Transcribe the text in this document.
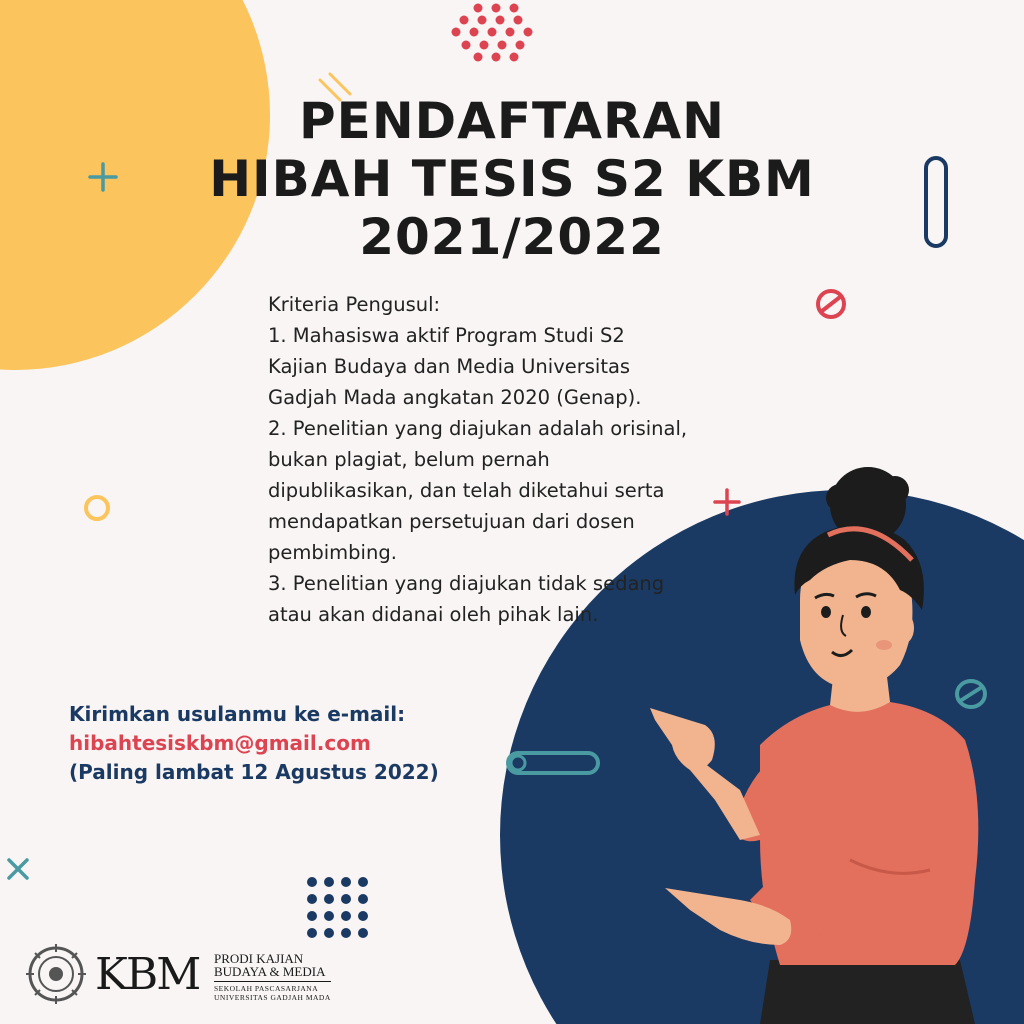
PENDAFTARAN
HIBAH TESIS S2 KBM
2021/2022
Kriteria Pengusul:
1. Mahasiswa aktif Program Studi S2
Kajian Budaya dan Media Universitas
Gadjah Mada angkatan 2020 (Genap).
2. Penelitian yang diajukan adalah orisinal,
bukan plagiat, belum pernah
dipublikasikan, dan telah diketahui serta
mendapatkan persetujuan dari dosen
pembimbing.
3. Penelitian yang diajukan tidak sedang
atau akan didanai oleh pihak lain.
Kirimkan usulanmu ke e-mail:
hibahtesiskbm@gmail.com
(Paling lambat 12 Agustus 2022)
KBM PRODI KAJIAN
BUDAYA & MEDIA
SEKOLAH PASCASARJANA
UNIVERSITAS GADJAH MADA
